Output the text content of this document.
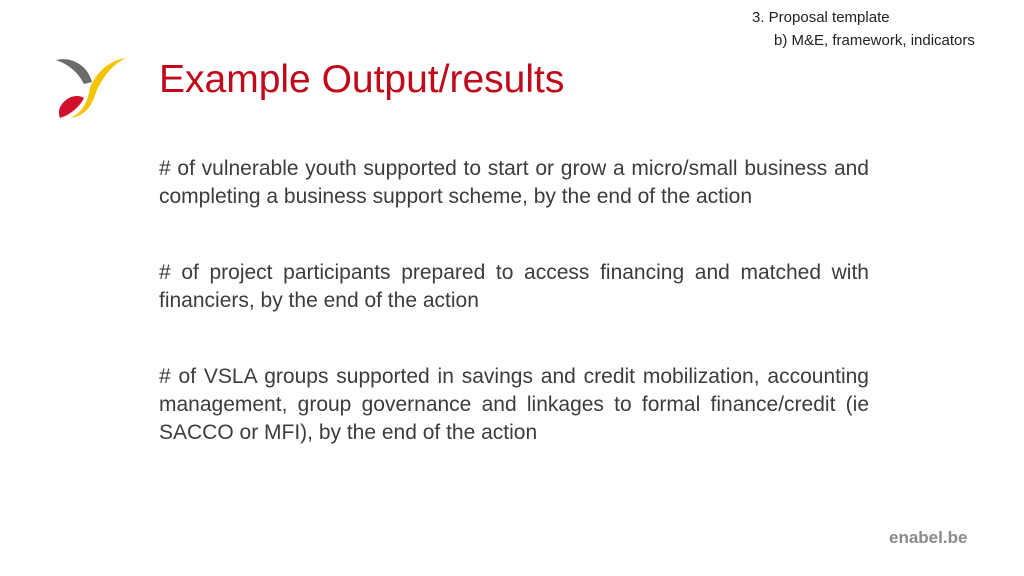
3. Proposal template
b) M&E, framework, indicators
Example Output/results

# of vulnerable youth supported to start or grow a micro/small business and completing a business support scheme, by the end of the action

# of project participants prepared to access financing and matched with financiers, by the end of the action

# of VSLA groups supported in savings and credit mobilization, accounting management, group governance and linkages to formal finance/credit (ie SACCO or MFI), by the end of the action

enabel.be
